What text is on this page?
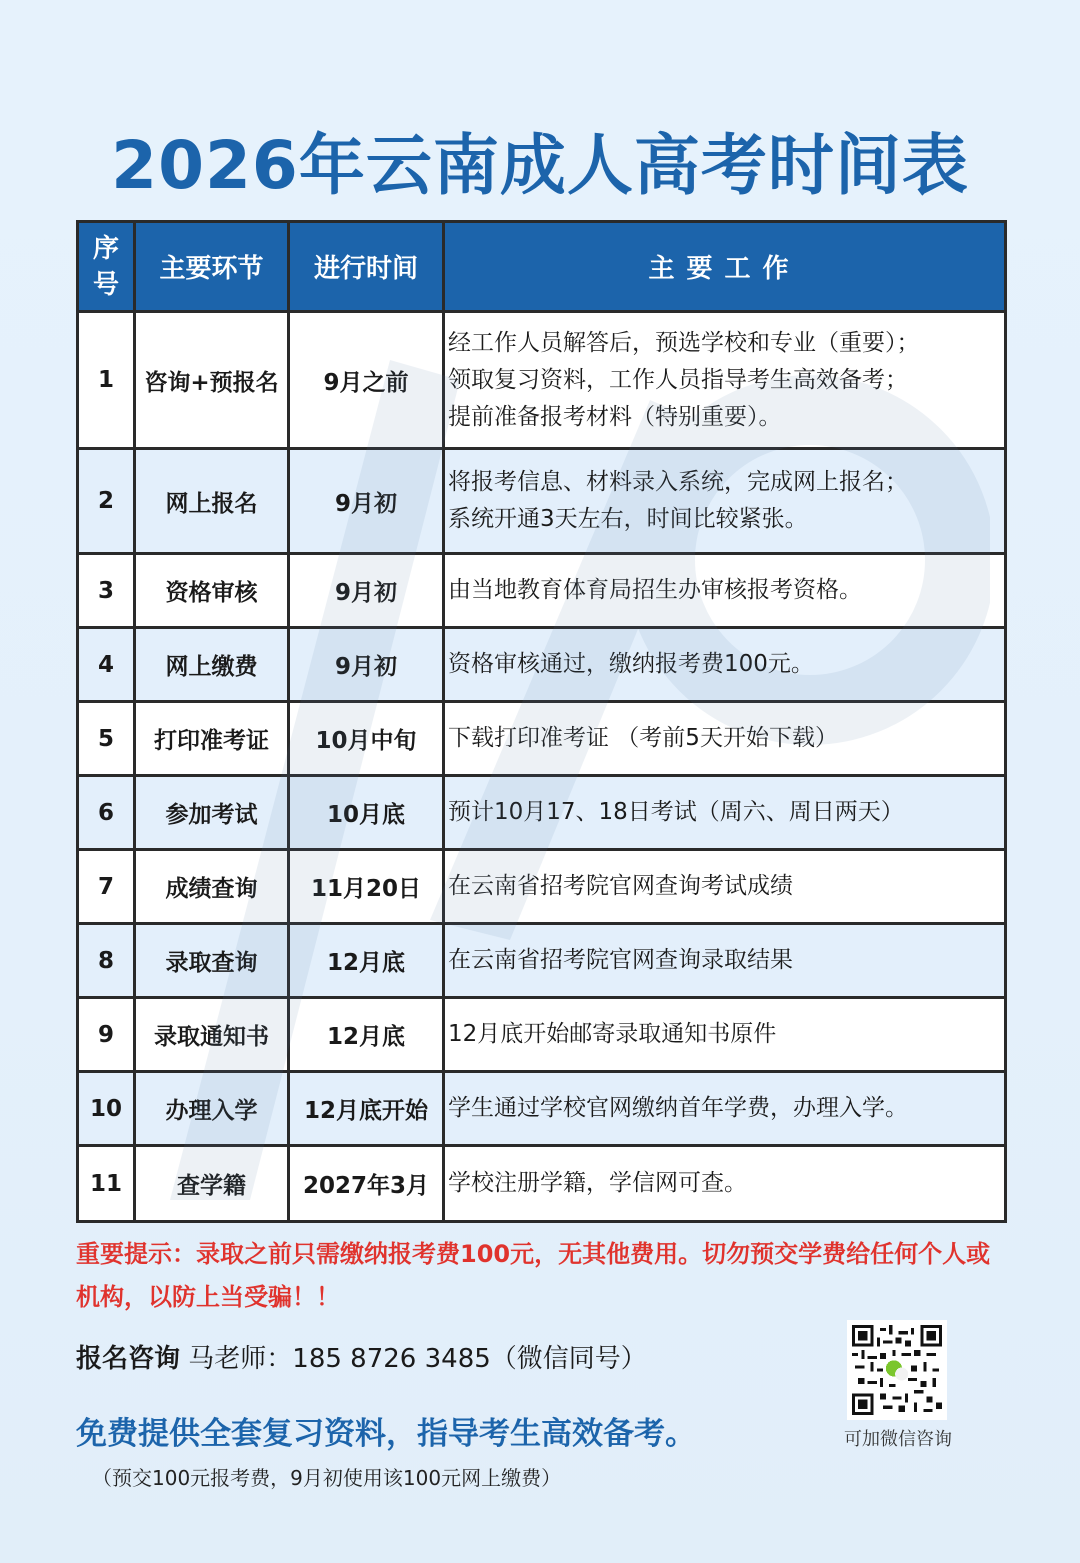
2026年云南成人高考时间表
序号	主要环节	进行时间	主要工作
1	咨询+预报名	9月之前	经工作人员解答后，预选学校和专业（重要）；
领取复习资料，工作人员指导考生高效备考；
提前准备报考材料（特别重要）。

2	网上报名	9月初	将报考信息、材料录入系统，完成网上报名；
系统开通3天左右，时间比较紧张。

3	资格审核	9月初	由当地教育体育局招生办审核报考资格。

4	网上缴费	9月初	资格审核通过，缴纳报考费100元。

5	打印准考证	10月中旬	下载打印准考证 （考前5天开始下载）

6	参加考试	10月底	预计10月17、18日考试（周六、周日两天）

7	成绩查询	11月20日	在云南省招考院官网查询考试成绩

8	录取查询	12月底	在云南省招考院官网查询录取结果

9	录取通知书	12月底	12月底开始邮寄录取通知书原件

10	办理入学	12月底开始	学生通过学校官网缴纳首年学费，办理入学。

11	查学籍	2027年3月	学校注册学籍，学信网可查。
重要提示：录取之前只需缴纳报考费100元，无其他费用。切勿预交学费给任何个人或机构，以防上当受骗！！
报名咨询 马老师：185 8726 3485（微信同号）
免费提供全套复习资料，指导考生高效备考。
（预交100元报考费，9月初使用该100元网上缴费）
可加微信咨询
